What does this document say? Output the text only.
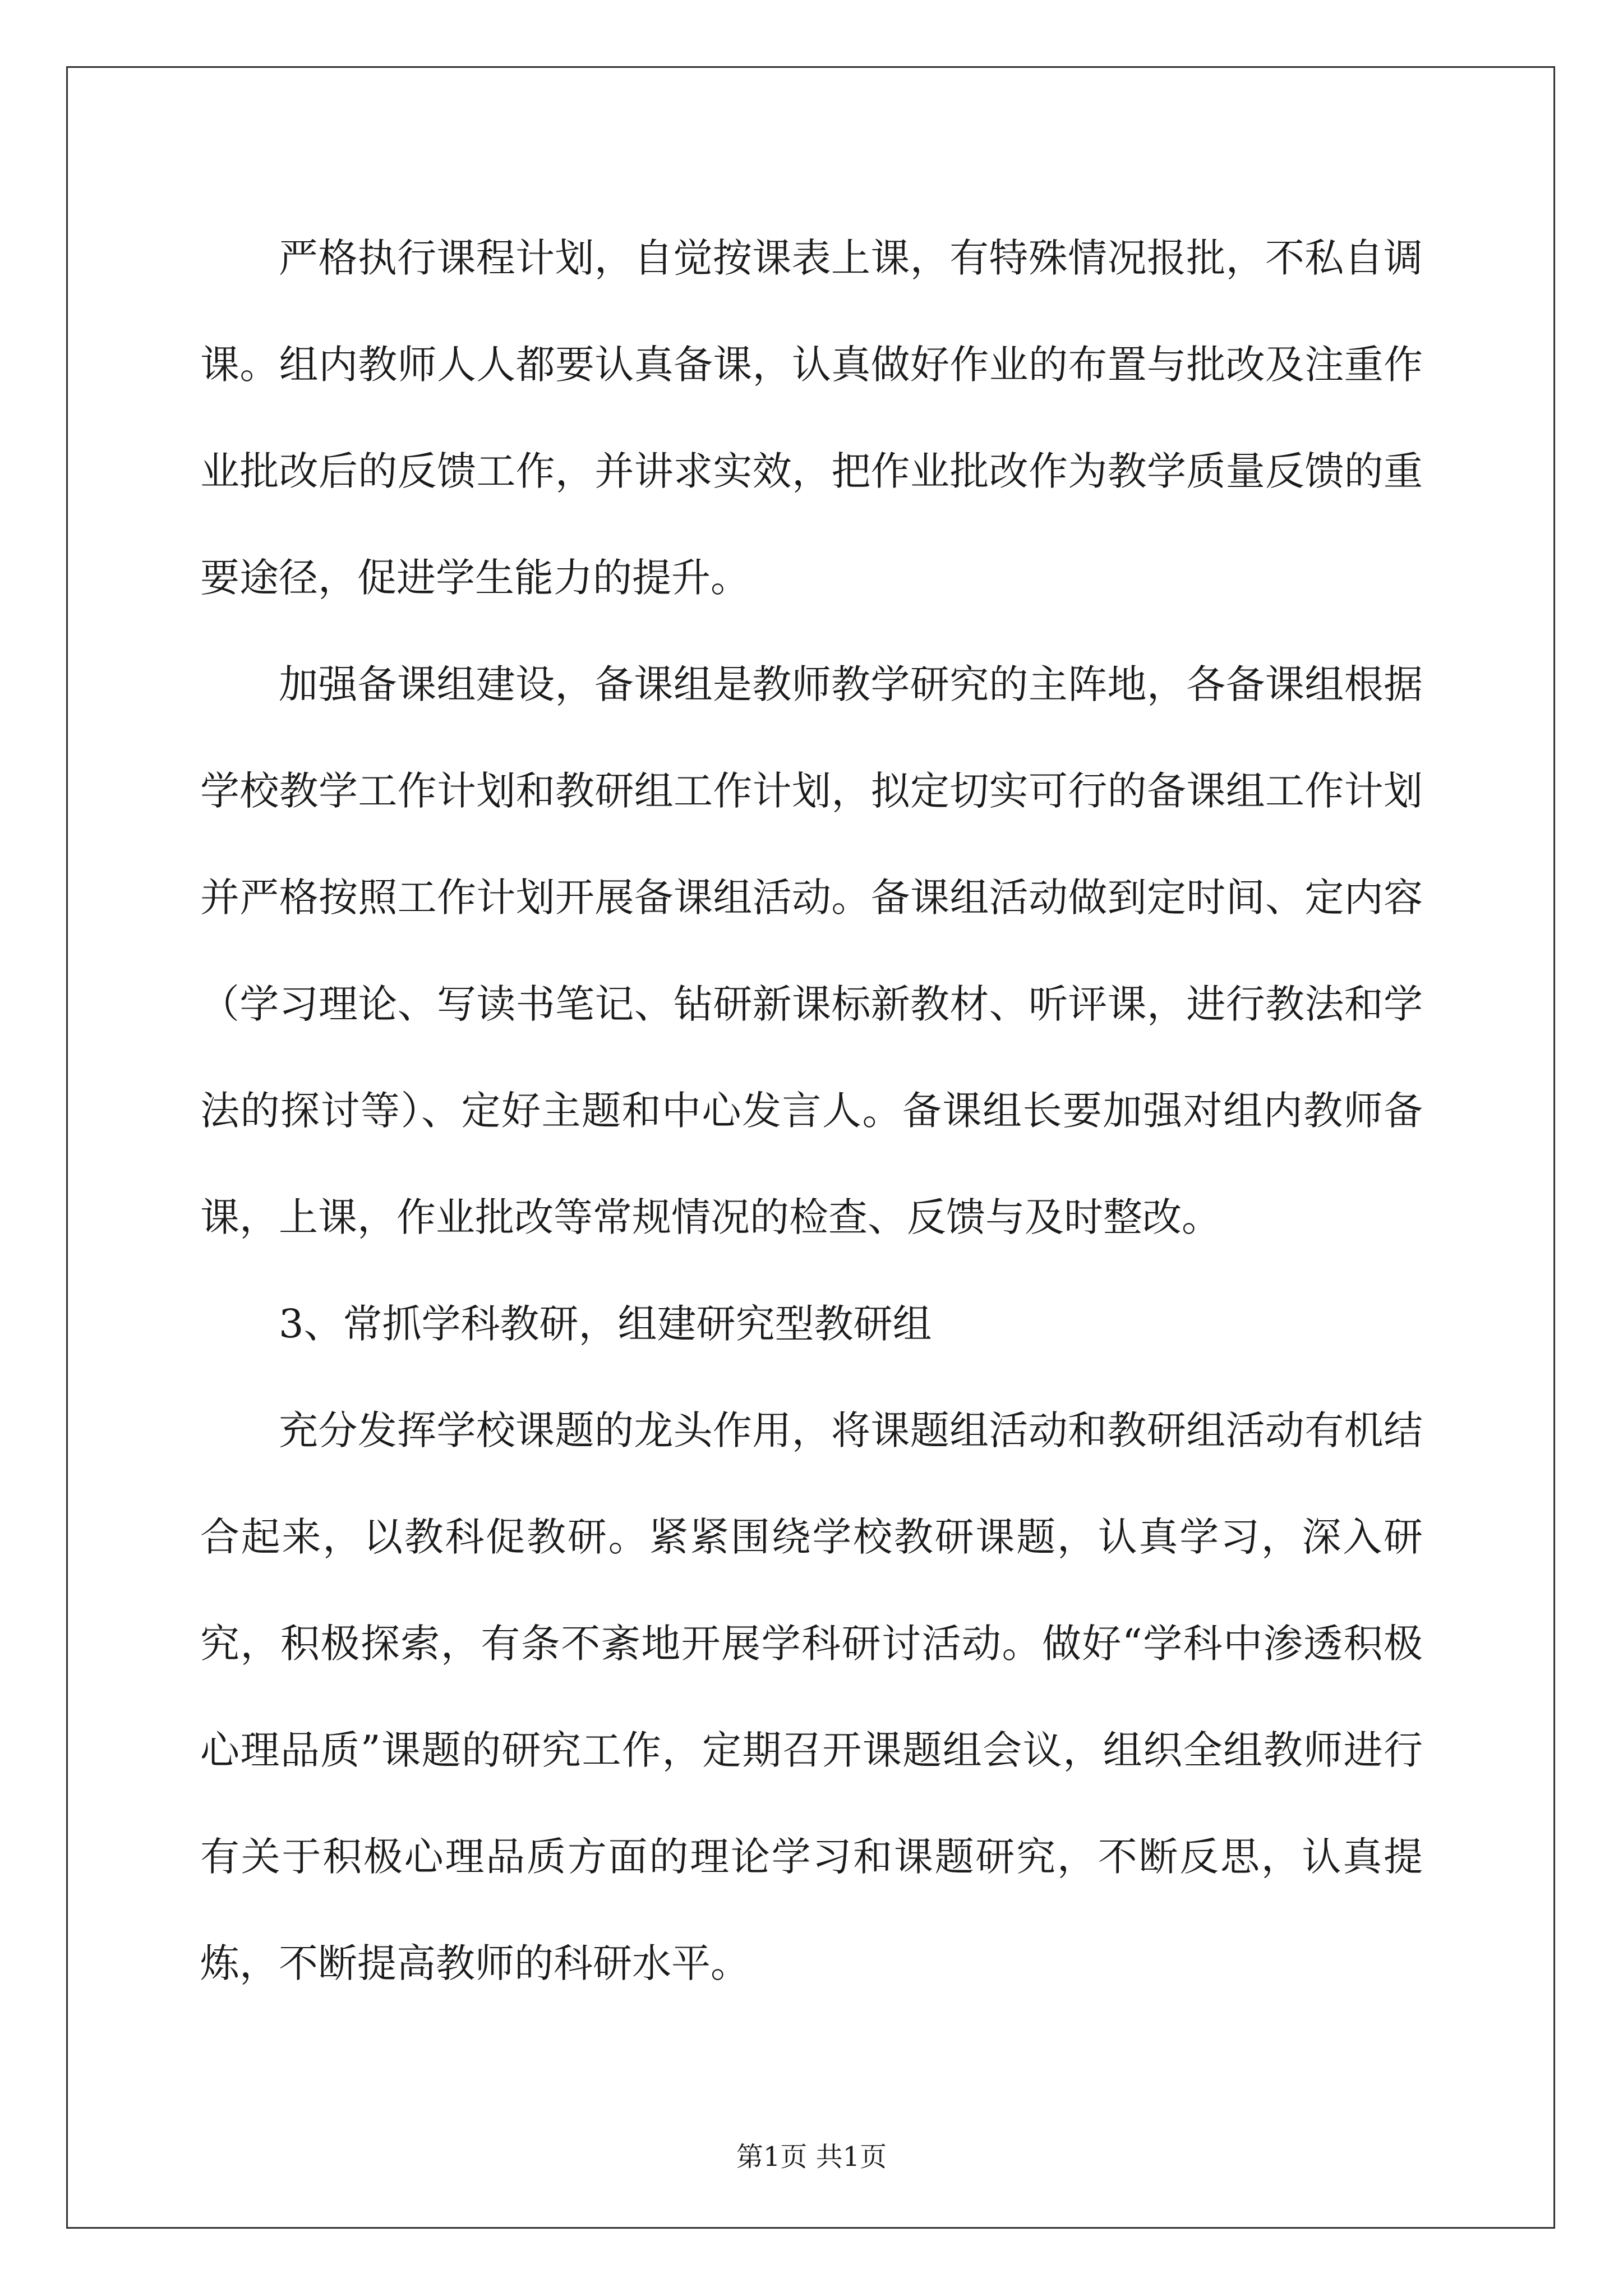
严格执行课程计划，自觉按课表上课，有特殊情况报批，不私自调课。组内教师人人都要认真备课，认真做好作业的布置与批改及注重作业批改后的反馈工作，并讲求实效，把作业批改作为教学质量反馈的重要途径，促进学生能力的提升。

加强备课组建设，备课组是教师教学研究的主阵地，各备课组根据学校教学工作计划和教研组工作计划，拟定切实可行的备课组工作计划并严格按照工作计划开展备课组活动。备课组活动做到定时间、定内容（学习理论、写读书笔记、钻研新课标新教材、听评课，进行教法和学法的探讨等）、定好主题和中心发言人。备课组长要加强对组内教师备课，上课，作业批改等常规情况的检查、反馈与及时整改。

3、常抓学科教研，组建研究型教研组

充分发挥学校课题的龙头作用，将课题组活动和教研组活动有机结合起来，以教科促教研。紧紧围绕学校教研课题，认真学习，深入研究，积极探索，有条不紊地开展学科研讨活动。做好“学科中渗透积极心理品质”课题的研究工作，定期召开课题组会议，组织全组教师进行有关于积极心理品质方面的理论学习和课题研究，不断反思，认真提炼，不断提高教师的科研水平。

第1页 共1页
